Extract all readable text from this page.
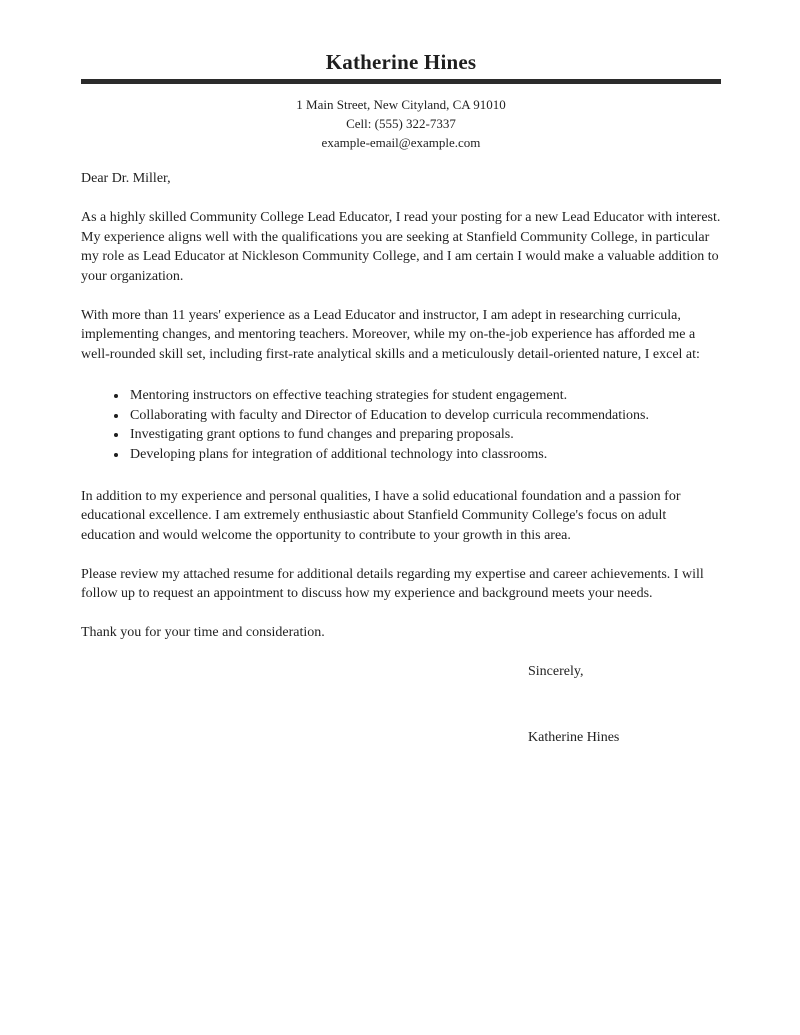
Katherine Hines
1 Main Street, New Cityland, CA 91010
Cell: (555) 322-7337
example-email@example.com

Dear Dr. Miller,

As a highly skilled Community College Lead Educator, I read your posting for a new Lead Educator with interest. My experience aligns well with the qualifications you are seeking at Stanfield Community College, in particular my role as Lead Educator at Nickleson Community College, and I am certain I would make a valuable addition to your organization.

With more than 11 years' experience as a Lead Educator and instructor, I am adept in researching curricula, implementing changes, and mentoring teachers. Moreover, while my on-the-job experience has afforded me a well-rounded skill set, including first-rate analytical skills and a meticulously detail-oriented nature, I excel at:

• Mentoring instructors on effective teaching strategies for student engagement.
• Collaborating with faculty and Director of Education to develop curricula recommendations.
• Investigating grant options to fund changes and preparing proposals.
• Developing plans for integration of additional technology into classrooms.

In addition to my experience and personal qualities, I have a solid educational foundation and a passion for educational excellence. I am extremely enthusiastic about Stanfield Community College's focus on adult education and would welcome the opportunity to contribute to your growth in this area.

Please review my attached resume for additional details regarding my expertise and career achievements. I will follow up to request an appointment to discuss how my experience and background meets your needs.

Thank you for your time and consideration.

Sincerely,

Katherine Hines
